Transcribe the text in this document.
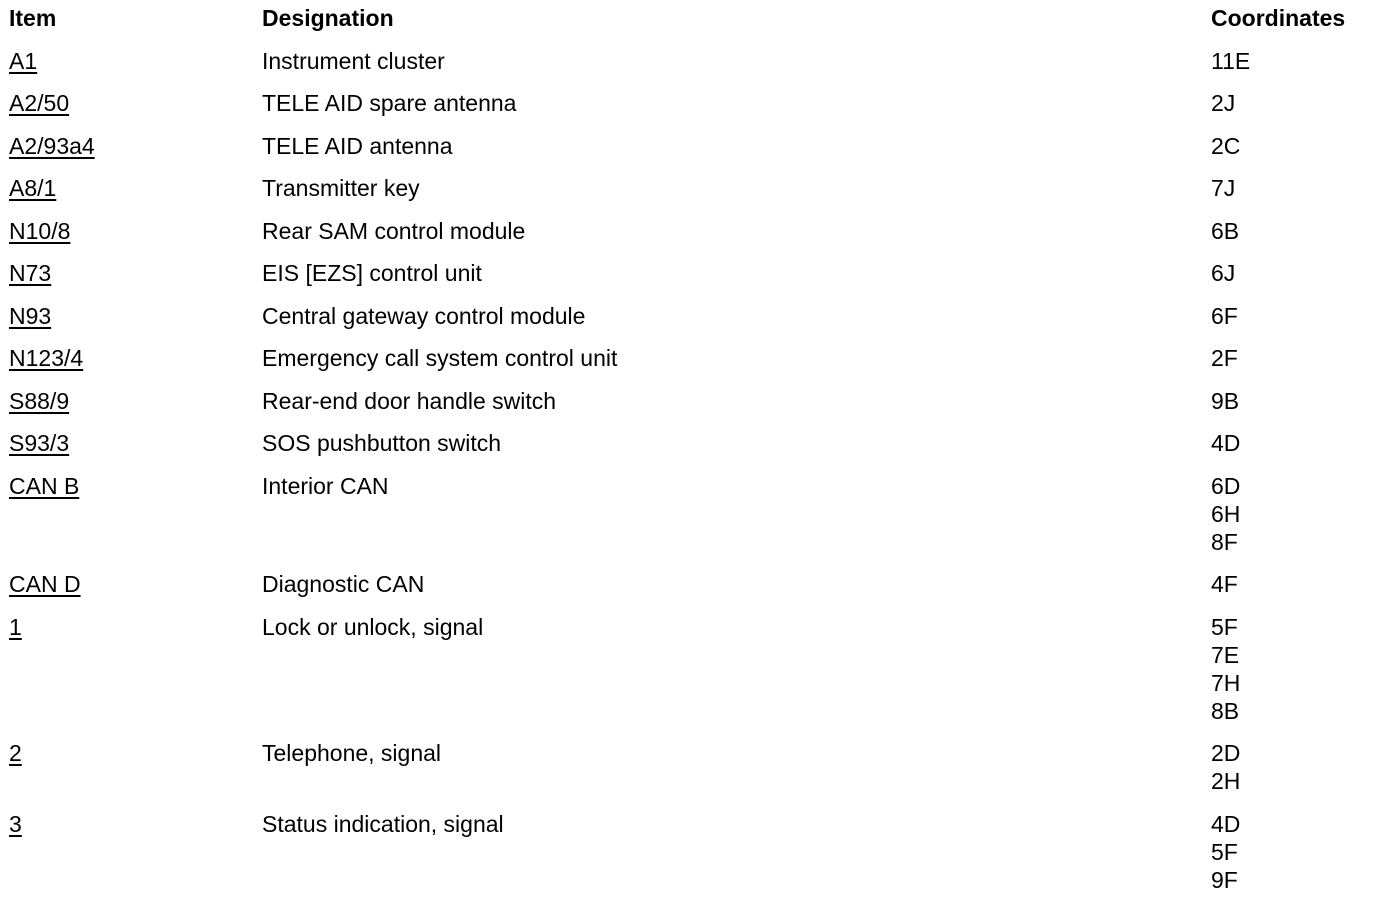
Item	Designation	Coordinates
A1	Instrument cluster	11E
A2/50	TELE AID spare antenna	2J
A2/93a4	TELE AID antenna	2C
A8/1	Transmitter key	7J
N10/8	Rear SAM control module	6B
N73	EIS [EZS] control unit	6J
N93	Central gateway control module	6F
N123/4	Emergency call system control unit	2F
S88/9	Rear-end door handle switch	9B
S93/3	SOS pushbutton switch	4D
CAN B	Interior CAN	6D
6H
8F
CAN D	Diagnostic CAN	4F
1	Lock or unlock, signal	5F
7E
7H
8B
2	Telephone, signal	2D
2H
3	Status indication, signal	4D
5F
9F
